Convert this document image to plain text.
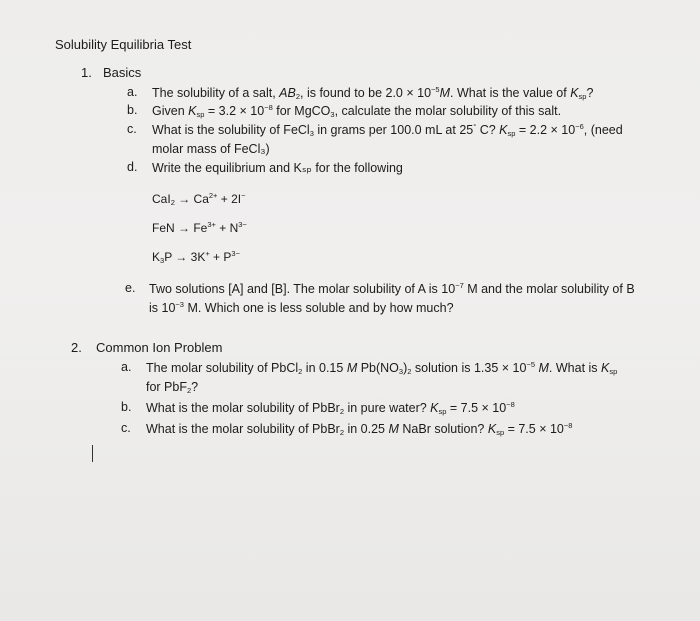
Solubility Equilibria Test
1. Basics
a. The solubility of a salt, $AB_2$, is found to be $2.0 \times 10^{-5}M$. What is the value of $K_{sp}$?
b. Given $K_{sp} = 3.2 \times 10^{-8}$ for MgCO$_3$, calculate the molar solubility of this salt.
c. What is the solubility of FeCl$_3$ in grams per 100.0 mL at 25° C? $K_{sp} = 2.2 \times 10^{-6}$, (need
molar mass of FeCl₃)
d. Write the equilibrium and Kₛₚ for the following
$CaI_2 \to Ca^{2+} + 2I^-$
FeN → $Fe^{3+} + N^{3-}$
$K_3P \to 3K^+ + P^{3-}$
e. Two solutions [A] and [B]. The molar solubility of A is $10^{-7}$ M and the molar solubility of B
is $10^{-3}$ M. Which one is less soluble and by how much?
2. Common Ion Problem
a. The molar solubility of PbCl$_2$ in 0.15 M $Pb(NO_3)_2$ solution is $1.35 \times 10^{-5}$ M. What is $K_{sp}$
for PbF$_2$?
b. What is the molar solubility of PbBr$_2$ in pure water? $K_{sp} = 7.5 \times 10^{-8}$
c. What is the molar solubility of PbBr$_2$ in 0.25 M NaBr solution? $K_{sp} = 7.5 \times 10^{-8}$
